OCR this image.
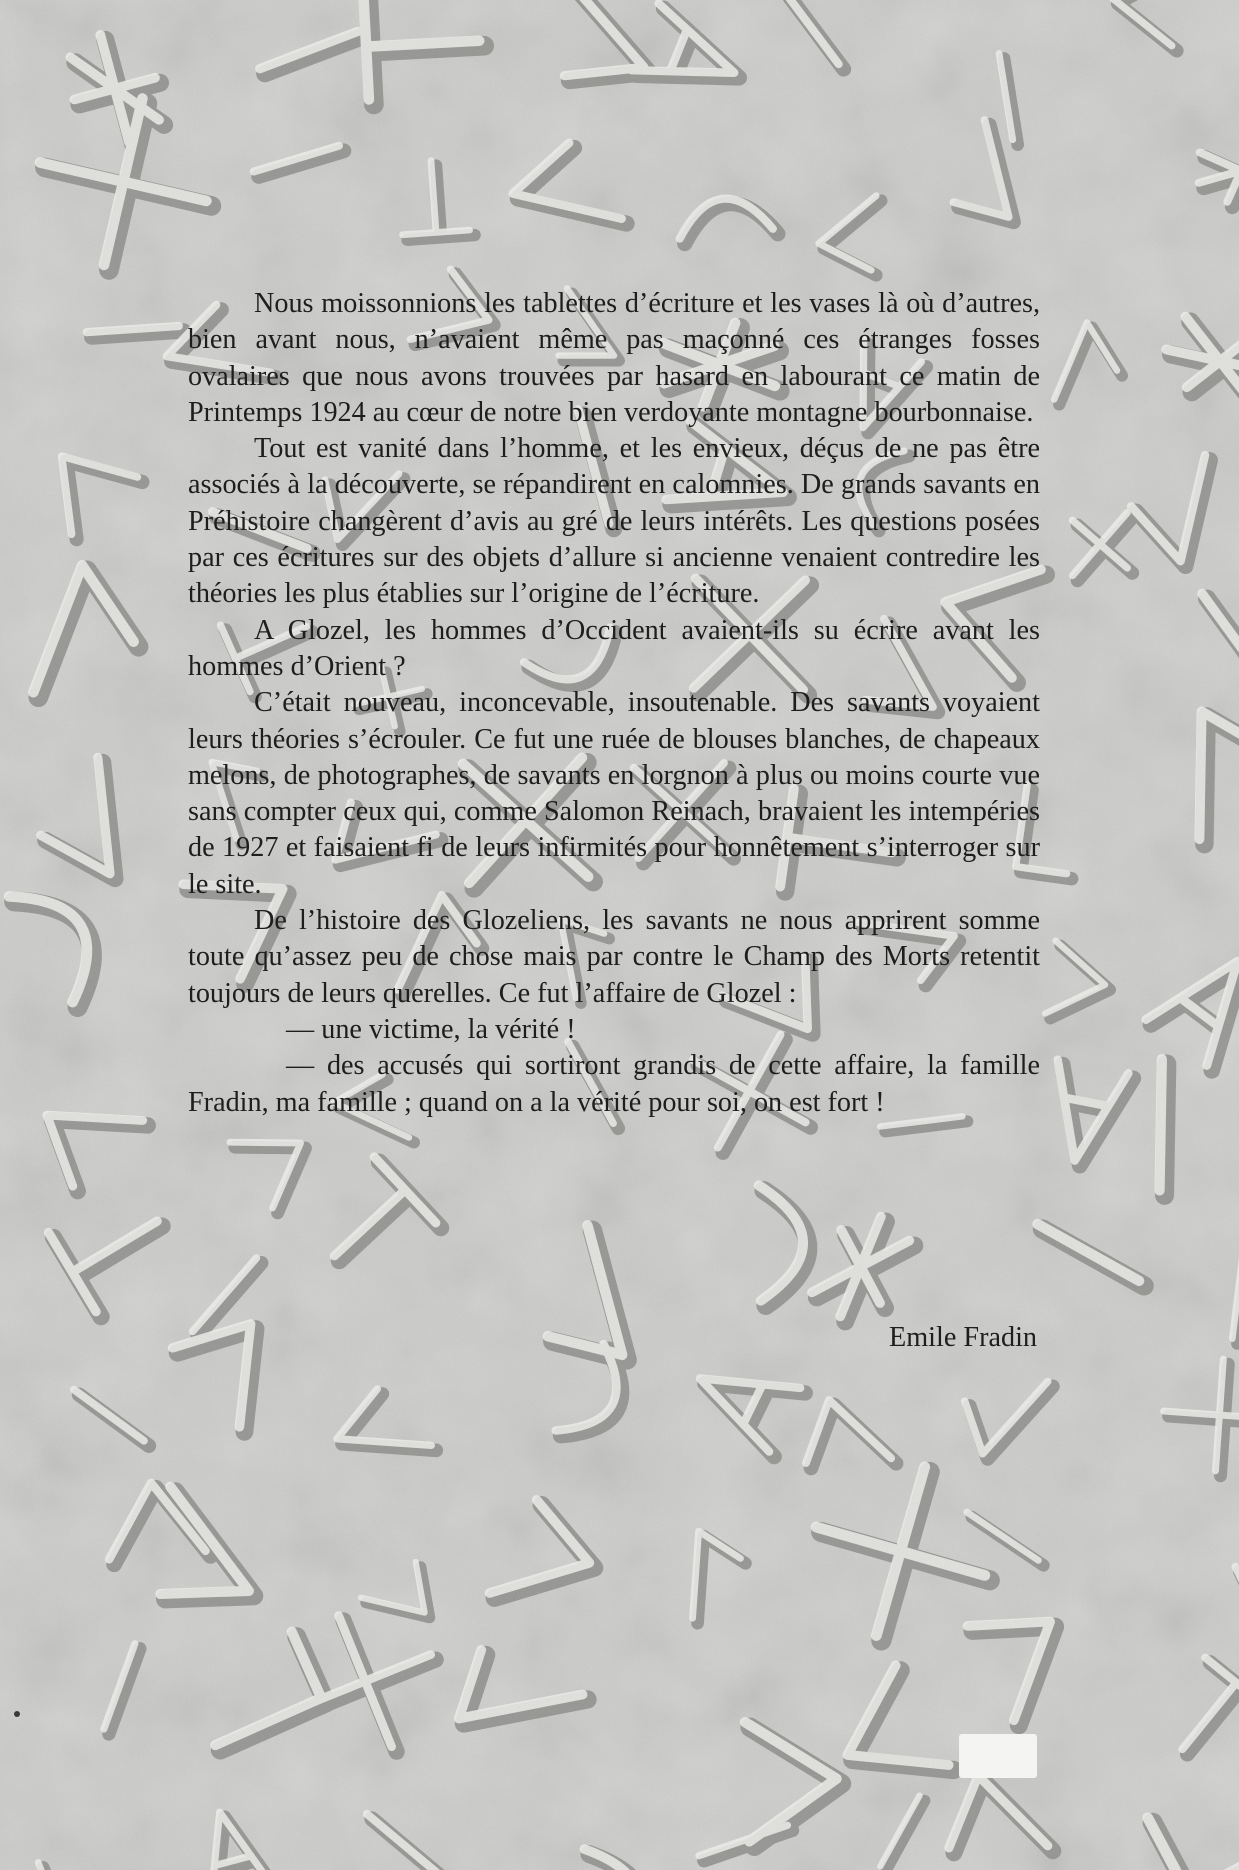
Nous moissonnions les tablettes d’écriture et les vases là où d’autres, bien avant nous, n’avaient même pas maçonné ces étranges fosses ovalaires que nous avons trouvées par hasard en labourant ce matin de Printemps 1924 au cœur de notre bien verdoyante montagne bourbonnaise.

Tout est vanité dans l’homme, et les envieux, déçus de ne pas être associés à la découverte, se répandirent en calomnies. De grands savants en Préhistoire changèrent d’avis au gré de leurs intérêts. Les questions posées par ces écritures sur des objets d’allure si ancienne venaient contredire les théories les plus établies sur l’origine de l’écriture.

A Glozel, les hommes d’Occident avaient-ils su écrire avant les hommes d’Orient ?

C’était nouveau, inconcevable, insoutenable. Des savants voyaient leurs théories s’écrouler. Ce fut une ruée de blouses blanches, de chapeaux melons, de photographes, de savants en lorgnon à plus ou moins courte vue sans compter ceux qui, comme Salomon Reinach, bravaient les intempéries de 1927 et faisaient fi de leurs infirmités pour honnêtement s’interroger sur le site.

De l’histoire des Glozeliens, les savants ne nous apprirent somme toute qu’assez peu de chose mais par contre le Champ des Morts retentit toujours de leurs querelles. Ce fut l’affaire de Glozel :

— une victime, la vérité !

— des accusés qui sortiront grandis de cette affaire, la famille Fradin, ma famille ; quand on a la vérité pour soi, on est fort !

Emile Fradin
